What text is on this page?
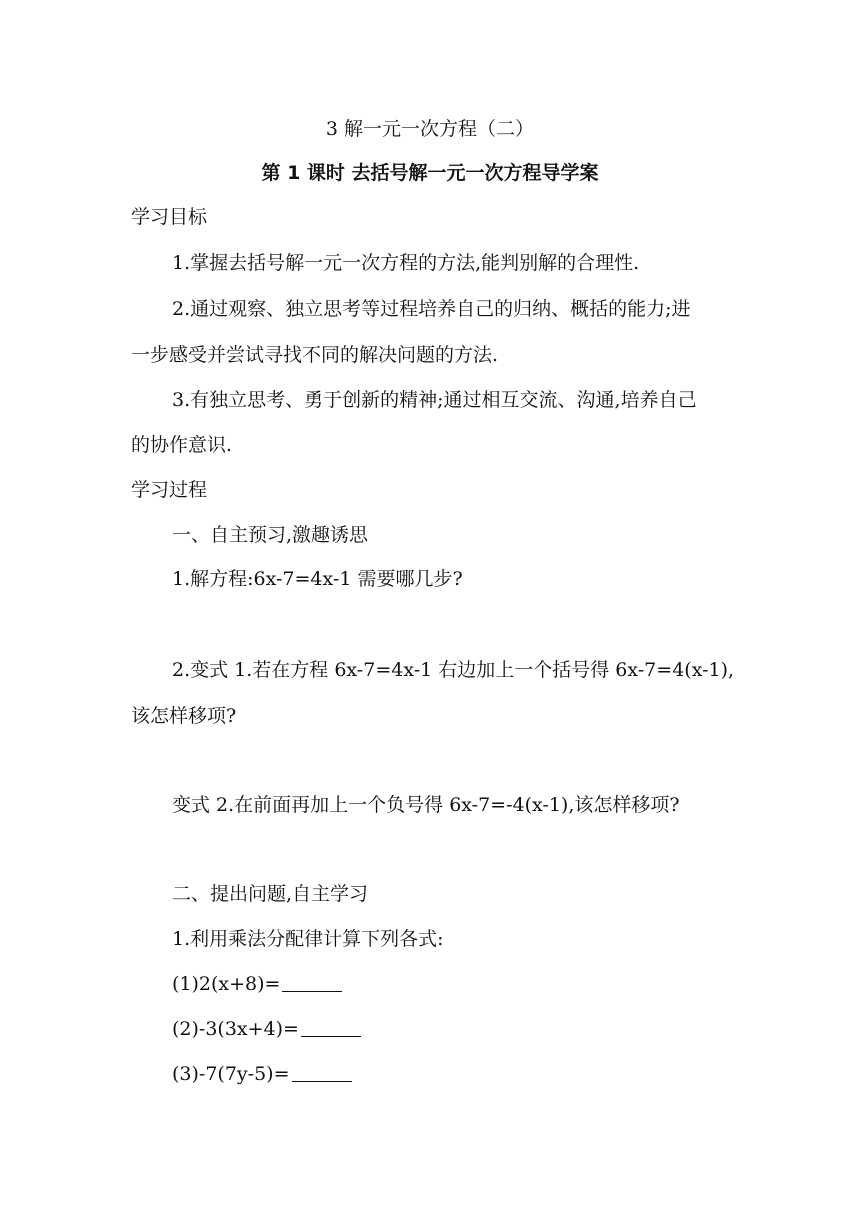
3 解一元一次方程（二）
第 1 课时 去括号解一元一次方程导学案
学习目标
1.掌握去括号解一元一次方程的方法,能判别解的合理性.
2.通过观察、独立思考等过程培养自己的归纳、概括的能力;进
一步感受并尝试寻找不同的解决问题的方法.
3.有独立思考、勇于创新的精神;通过相互交流、沟通,培养自己
的协作意识.
学习过程
一、自主预习,激趣诱思
1.解方程:6x-7=4x-1 需要哪几步?
2.变式 1.若在方程 6x-7=4x-1 右边加上一个括号得 6x-7=4(x-1),
该怎样移项?
变式 2.在前面再加上一个负号得 6x-7=-4(x-1),该怎样移项?
二、提出问题,自主学习
1.利用乘法分配律计算下列各式:
(1)2(x+8)=
(2)-3(3x+4)=
(3)-7(7y-5)=
